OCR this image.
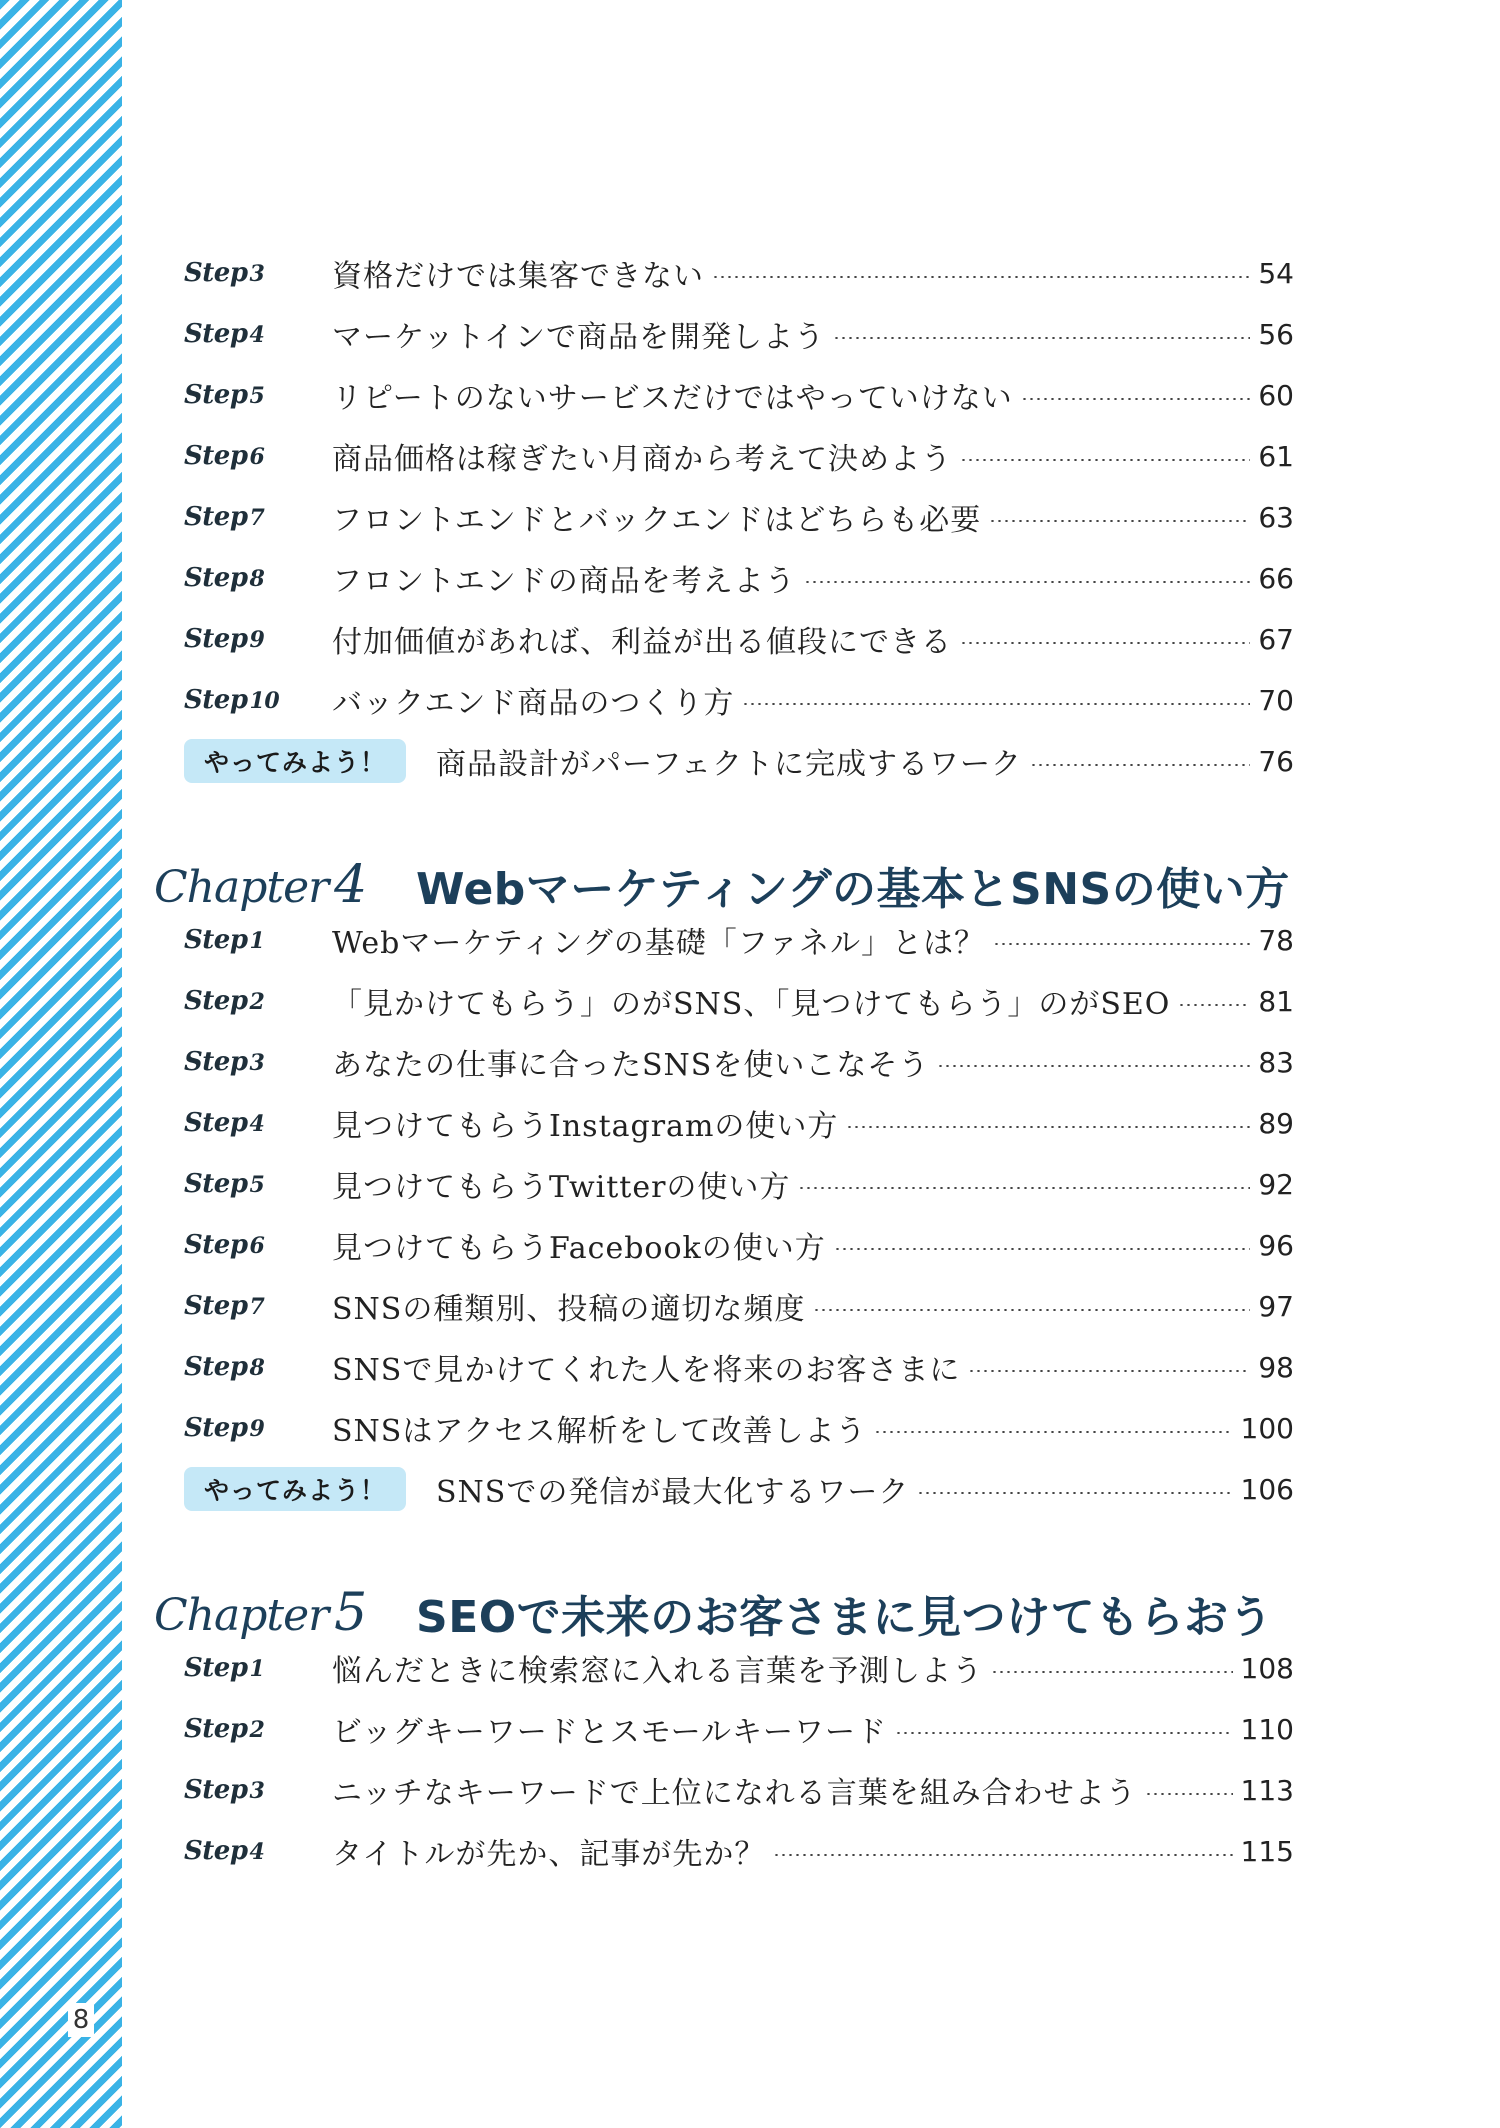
8
Step3	資格だけでは集客できない	54
Step4	マーケットインで商品を開発しよう	56
Step5	リピートのないサービスだけではやっていけない	60
Step6	商品価格は稼ぎたい月商から考えて決めよう	61
Step7	フロントエンドとバックエンドはどちらも必要	63
Step8	フロントエンドの商品を考えよう	66
Step9	付加価値があれば、利益が出る値段にできる	67
Step10	バックエンド商品のつくり方	70
やってみよう！	商品設計がパーフェクトに完成するワーク	76
Chapter 4	Webマーケティングの基本とSNSの使い方
Step1	Webマーケティングの基礎「ファネル」とは？	78
Step2	「見かけてもらう」のがSNS、「見つけてもらう」のがSEO	81
Step3	あなたの仕事に合ったSNSを使いこなそう	83
Step4	見つけてもらうInstagramの使い方	89
Step5	見つけてもらうTwitterの使い方	92
Step6	見つけてもらうFacebookの使い方	96
Step7	SNSの種類別、投稿の適切な頻度	97
Step8	SNSで見かけてくれた人を将来のお客さまに	98
Step9	SNSはアクセス解析をして改善しよう	100
やってみよう！	SNSでの発信が最大化するワーク	106
Chapter 5	SEOで未来のお客さまに見つけてもらおう
Step1	悩んだときに検索窓に入れる言葉を予測しよう	108
Step2	ビッグキーワードとスモールキーワード	110
Step3	ニッチなキーワードで上位になれる言葉を組み合わせよう	113
Step4	タイトルが先か、記事が先か？	115
